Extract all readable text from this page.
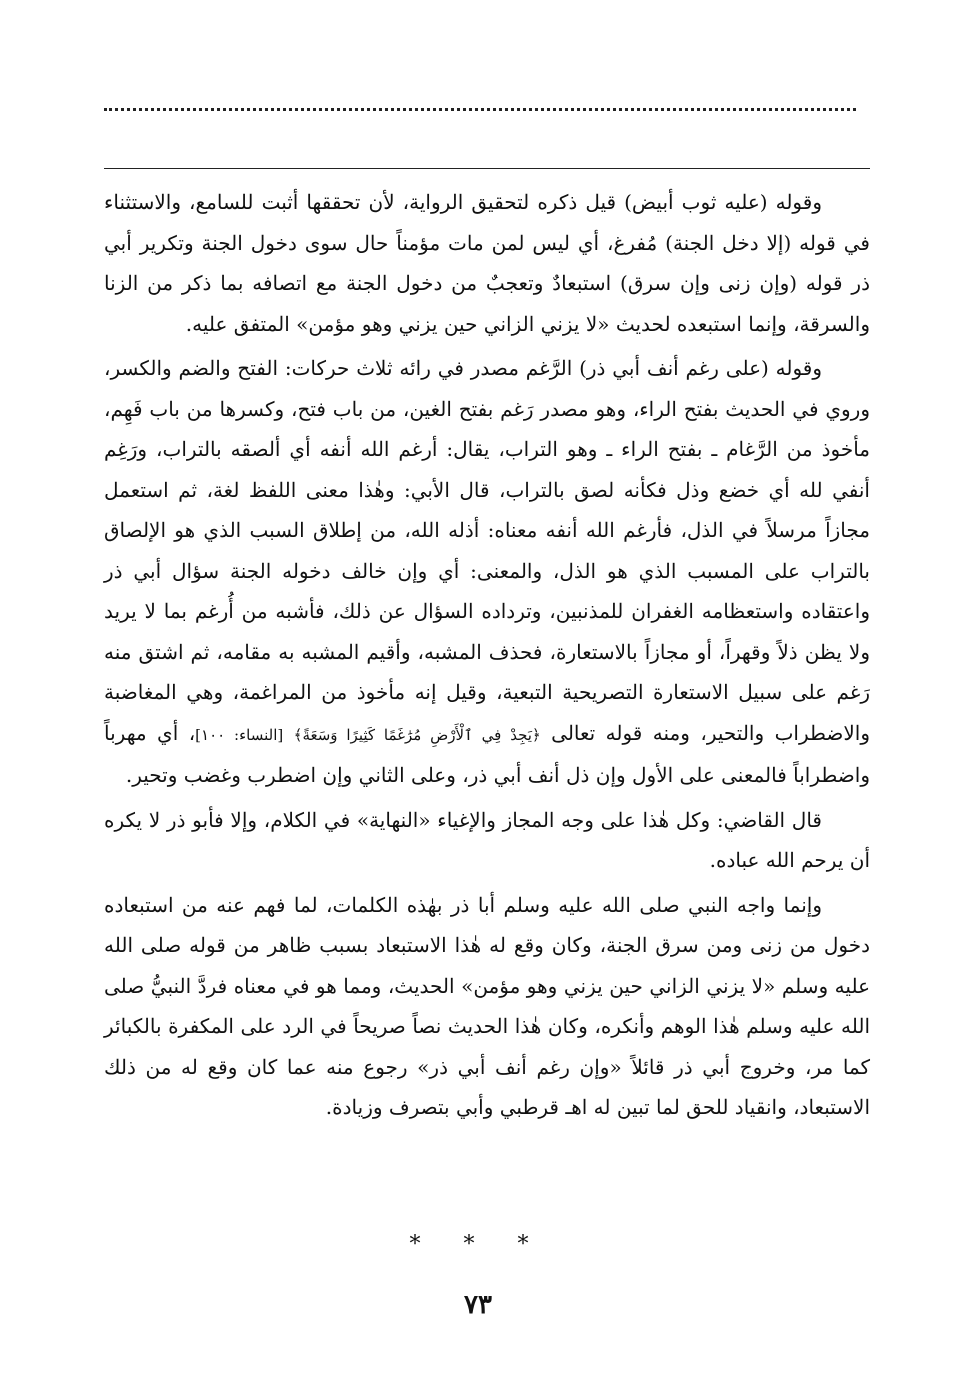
وقوله (عليه ثوب أبيض) قيل ذكره لتحقيق الرواية، لأن تحققها أثبت للسامع، والاستثناء في قوله (إلا دخل الجنة) مُفرغ، أي ليس لمن مات مؤمناً حال سوى دخول الجنة وتكرير أبي ذر قوله (وإن زنى وإن سرق) استبعادٌ وتعجبٌ من دخول الجنة مع اتصافه بما ذكر من الزنا والسرقة، وإنما استبعده لحديث «لا يزني الزاني حين يزني وهو مؤمن» المتفق عليه.

وقوله (على رغم أنف أبي ذر) الرَّغم مصدر في رائه ثلاث حركات: الفتح والضم والكسر، وروي في الحديث بفتح الراء، وهو مصدر رَغم بفتح الغين، من باب فتح، وكسرها من باب فَهِم، مأخوذ من الرَّغام ـ بفتح الراء ـ وهو التراب، يقال: أرغم الله أنفه أي ألصقه بالتراب، ورَغِم أنفي لله أي خضع وذل فكأنه لصق بالتراب، قال الأبي: وهٰذا معنى اللفظ لغة، ثم استعمل مجازاً مرسلاً في الذل، فأرغم الله أنفه معناه: أذله الله، من إطلاق السبب الذي هو الإلصاق بالتراب على المسبب الذي هو الذل، والمعنى: أي وإن خالف دخوله الجنة سؤال أبي ذر واعتقاده واستعظامه الغفران للمذنبين، وترداده السؤال عن ذلك، فأشبه من أُرغم بما لا يريد ولا يظن ذلاً وقهراً، أو مجازاً بالاستعارة، فحذف المشبه، وأقيم المشبه به مقامه، ثم اشتق منه رَغم على سبيل الاستعارة التصريحية التبعية، وقيل إنه مأخوذ من المراغمة، وهي المغاضبة والاضطراب والتحير، ومنه قوله تعالى ﴿يَجِدْ فِي ٱلْأَرْضِ مُرَٰغَمًا كَثِيرًا وَسَعَةً﴾ [النساء: ١٠٠]، أي مهرباً واضطراباً فالمعنى على الأول وإن ذل أنف أبي ذر، وعلى الثاني وإن اضطرب وغضب وتحير.

قال القاضي: وكل هٰذا على وجه المجاز والإغياء «النهاية» في الكلام، وإلا فأبو ذر لا يكره أن يرحم الله عباده.

وإنما واجه النبي صلى الله عليه وسلم أبا ذر بهٰذه الكلمات، لما فهم عنه من استبعاده دخول من زنى ومن سرق الجنة، وكان وقع له هٰذا الاستبعاد بسبب ظاهر من قوله صلى الله عليه وسلم «لا يزني الزاني حين يزني وهو مؤمن» الحديث، ومما هو في معناه فردَّ النبيُّ صلى الله عليه وسلم هٰذا الوهم وأنكره، وكان هٰذا الحديث نصاً صريحاً في الرد على المكفرة بالكبائر كما مر، وخروج أبي ذر قائلاً «وإن رغم أنف أبي ذر» رجوع منه عما كان وقع له من ذلك الاستبعاد، وانقياد للحق لما تبين له اهـ قرطبي وأبي بتصرف وزيادة.

* * *
٧٣
